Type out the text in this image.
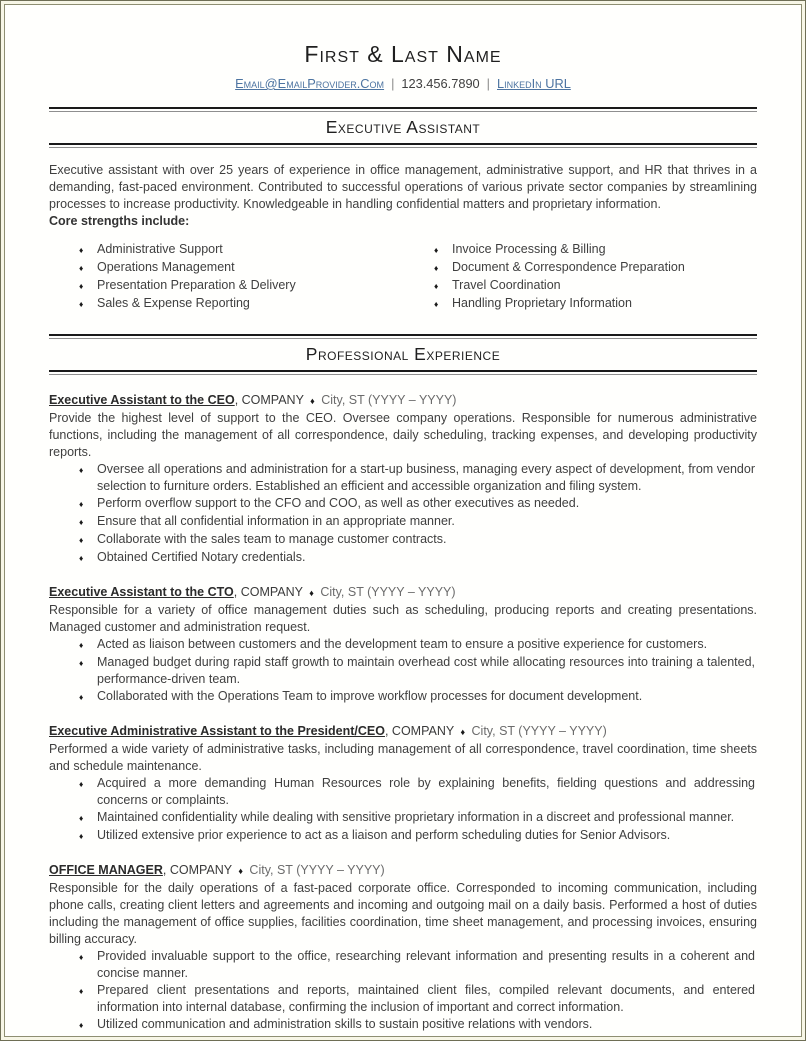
First & Last Name
Email@EmailProvider.Com | 123.456.7890 | LinkedIn URL
Executive Assistant

Executive assistant with over 25 years of experience in office management, administrative support, and HR that thrives in a demanding, fast-paced environment. Contributed to successful operations of various private sector companies by streamlining processes to increase productivity. Knowledgeable in handling confidential matters and proprietary information.

Core strengths include:

♦	Administrative Support
♦	Operations Management
♦	Presentation Preparation & Delivery
♦	Sales & Expense Reporting
♦	Invoice Processing & Billing
♦	Document & Correspondence Preparation
♦	Travel Coordination
♦	Handling Proprietary Information
Professional Experience
Executive Assistant to the CEO, COMPANY ♦ City, ST (YYYY – YYYY)

Provide the highest level of support to the CEO. Oversee company operations. Responsible for numerous administrative functions, including the management of all correspondence, daily scheduling, tracking expenses, and developing productivity reports.

♦	Oversee all operations and administration for a start-up business, managing every aspect of development, from vendor selection to furniture orders. Established an efficient and accessible organization and filing system.
♦	Perform overflow support to the CFO and COO, as well as other executives as needed.
♦	Ensure that all confidential information in an appropriate manner.
♦	Collaborate with the sales team to manage customer contracts.
♦	Obtained Certified Notary credentials.
Executive Assistant to the CTO, COMPANY ♦ City, ST (YYYY – YYYY)

Responsible for a variety of office management duties such as scheduling, producing reports and creating presentations. Managed customer and administration request.

♦	Acted as liaison between customers and the development team to ensure a positive experience for customers.
♦	Managed budget during rapid staff growth to maintain overhead cost while allocating resources into training a talented, performance-driven team.
♦	Collaborated with the Operations Team to improve workflow processes for document development.
Executive Administrative Assistant to the President/CEO, COMPANY ♦ City, ST (YYYY – YYYY)

Performed a wide variety of administrative tasks, including management of all correspondence, travel coordination, time sheets and schedule maintenance.

♦	Acquired a more demanding Human Resources role by explaining benefits, fielding questions and addressing concerns or complaints.
♦	Maintained confidentiality while dealing with sensitive proprietary information in a discreet and professional manner.
♦	Utilized extensive prior experience to act as a liaison and perform scheduling duties for Senior Advisors.
OFFICE MANAGER, COMPANY ♦ City, ST (YYYY – YYYY)

Responsible for the daily operations of a fast-paced corporate office. Corresponded to incoming communication, including phone calls, creating client letters and agreements and incoming and outgoing mail on a daily basis. Performed a host of duties including the management of office supplies, facilities coordination, time sheet management, and processing invoices, ensuring billing accuracy.

♦	Provided invaluable support to the office, researching relevant information and presenting results in a coherent and concise manner.
♦	Prepared client presentations and reports, maintained client files, compiled relevant documents, and entered information into internal database, confirming the inclusion of important and correct information.
♦	Utilized communication and administration skills to sustain positive relations with vendors.
